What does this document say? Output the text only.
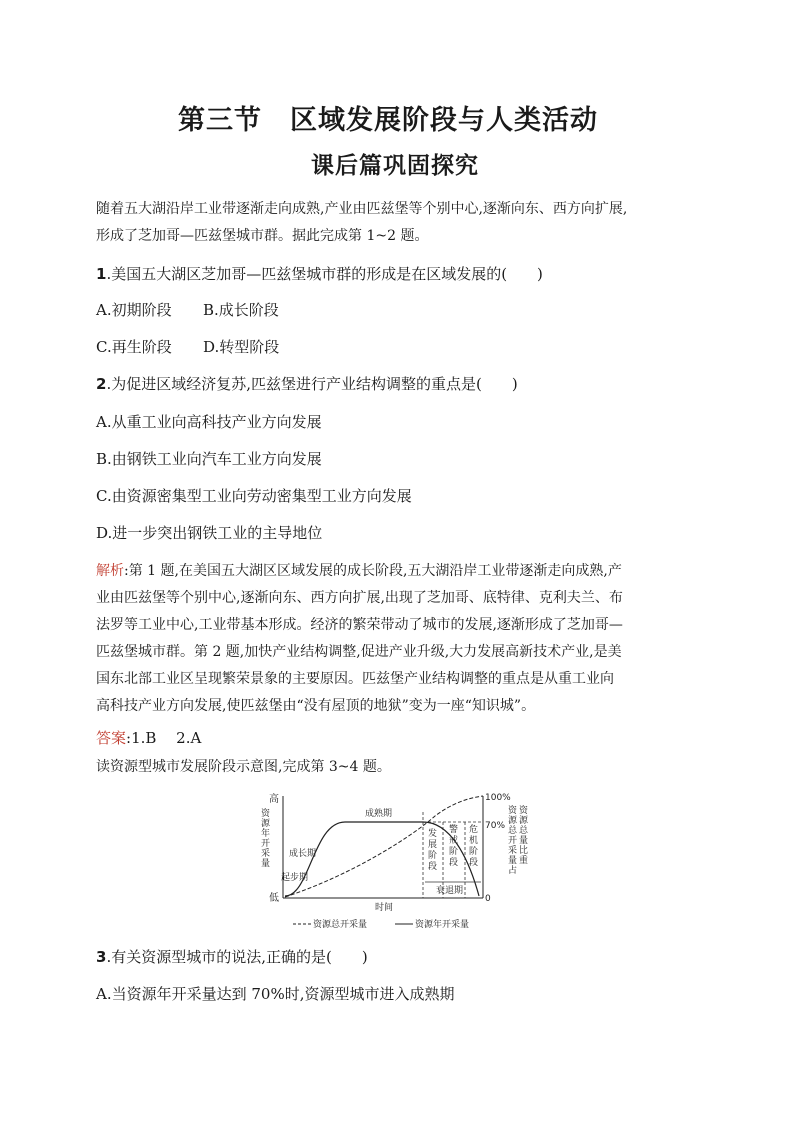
第三节　区域发展阶段与人类活动
课后篇巩固探究
随着五大湖沿岸工业带逐渐走向成熟,产业由匹兹堡等个别中心,逐渐向东、西方向扩展,
形成了芝加哥—匹兹堡城市群。据此完成第 1~2 题。
1.美国五大湖区芝加哥—匹兹堡城市群的形成是在区域发展的(　　)
A.初期阶段 B.成长阶段
C.再生阶段 D.转型阶段
2.为促进区域经济复苏,匹兹堡进行产业结构调整的重点是(　　)
A.从重工业向高科技产业方向发展
B.由钢铁工业向汽车工业方向发展
C.由资源密集型工业向劳动密集型工业方向发展
D.进一步突出钢铁工业的主导地位
解析:第 1 题,在美国五大湖区区域发展的成长阶段,五大湖沿岸工业带逐渐走向成熟,产
业由匹兹堡等个别中心,逐渐向东、西方向扩展,出现了芝加哥、底特律、克利夫兰、布
法罗等工业中心,工业带基本形成。经济的繁荣带动了城市的发展,逐渐形成了芝加哥—
匹兹堡城市群。第 2 题,加快产业结构调整,促进产业升级,大力发展高新技术产业,是美
国东北部工业区呈现繁荣景象的主要原因。匹兹堡产业结构调整的重点是从重工业向
高科技产业方向发展,使匹兹堡由“没有屋顶的地狱”变为一座“知识城”。
答案:1.B　 2.A
读资源型城市发展阶段示意图,完成第 3~4 题。
高
低
资
源
年
开
采
量
100%
70%
0
资
源
总
开
采
量
占
资
源
总
量
比
重
起步期
成长期
成熟期
发
展
阶
段
警
戒
阶
段
危
机
阶
段
衰退期
时间
资源总开采量	资源年开采量
3.有关资源型城市的说法,正确的是(　　)
A.当资源年开采量达到 70%时,资源型城市进入成熟期
